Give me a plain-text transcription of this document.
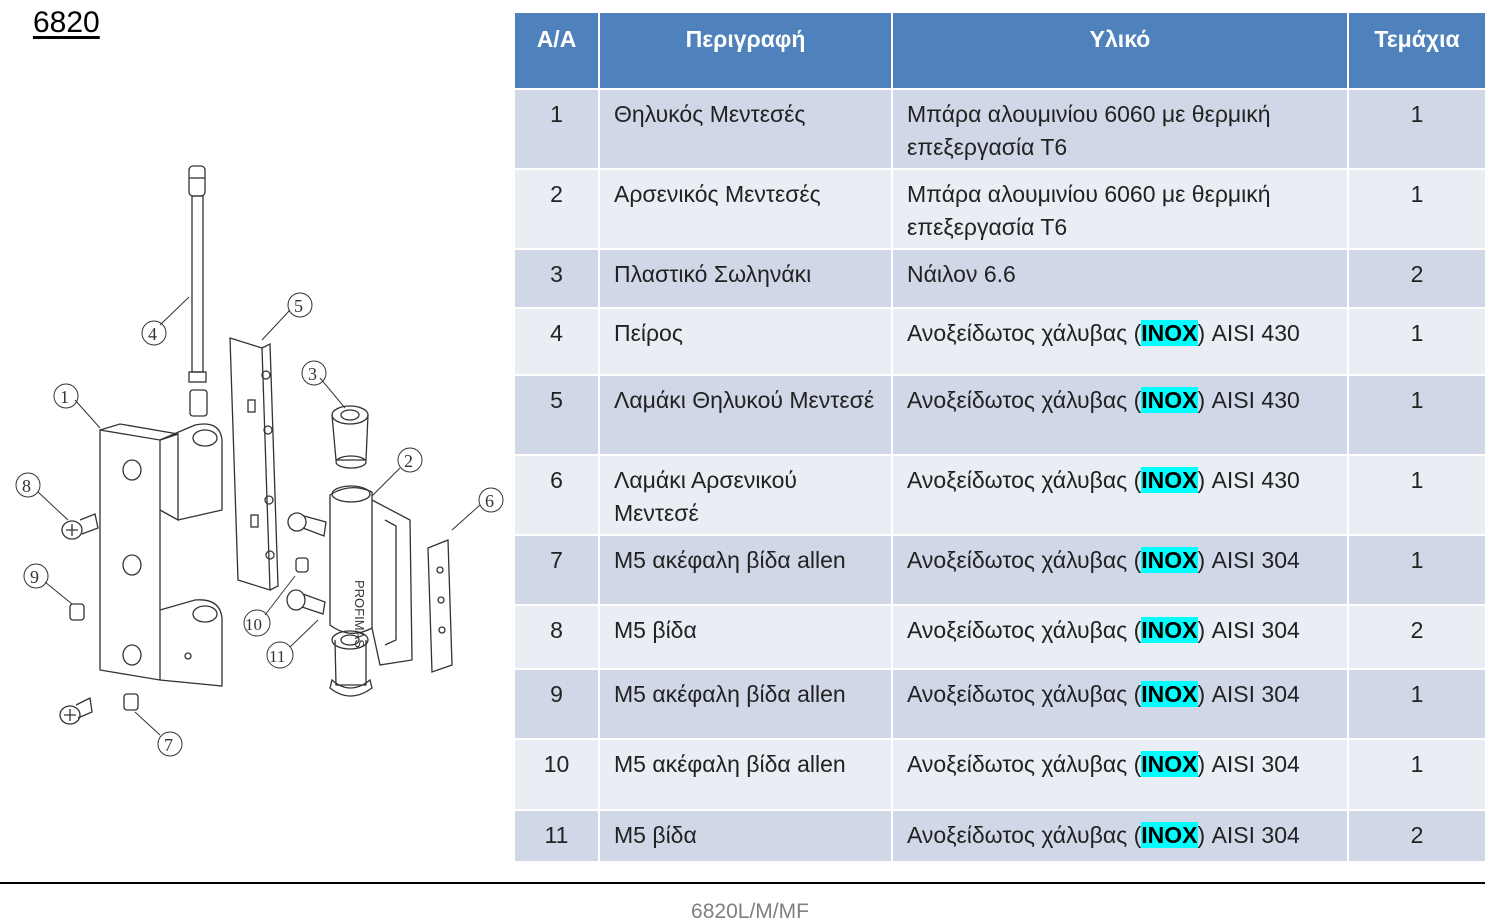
6820
PROFIMAS
1
2
3
4
5
6
7
8
9
10
11
Α/Α	Περιγραφή	Υλικό	Τεμάχια
1	Θηλυκός Μεντεσές	Μπάρα αλουμινίου 6060 με θερμική επεξεργασία Τ6	1
2	Αρσενικός Μεντεσές	Μπάρα αλουμινίου 6060 με θερμική επεξεργασία Τ6	1
3	Πλαστικό Σωληνάκι	Νάιλον 6.6	2
4	Πείρος	Ανοξείδωτος χάλυβας (INOX) AISI 430	1
5	Λαμάκι Θηλυκού Μεντεσέ	Ανοξείδωτος χάλυβας (INOX) AISI 430	1
6	Λαμάκι Αρσενικού Μεντεσέ	Ανοξείδωτος χάλυβας (INOX) AISI 430	1
7	Μ5 ακέφαλη βίδα allen	Ανοξείδωτος χάλυβας (INOX) AISI 304	1
8	Μ5 βίδα	Ανοξείδωτος χάλυβας (INOX) AISI 304	2
9	Μ5 ακέφαλη βίδα allen	Ανοξείδωτος χάλυβας (INOX) AISI 304	1
10	Μ5 ακέφαλη βίδα allen	Ανοξείδωτος χάλυβας (INOX) AISI 304	1
11	Μ5 βίδα	Ανοξείδωτος χάλυβας (INOX) AISI 304	2
6820L/M/MF
